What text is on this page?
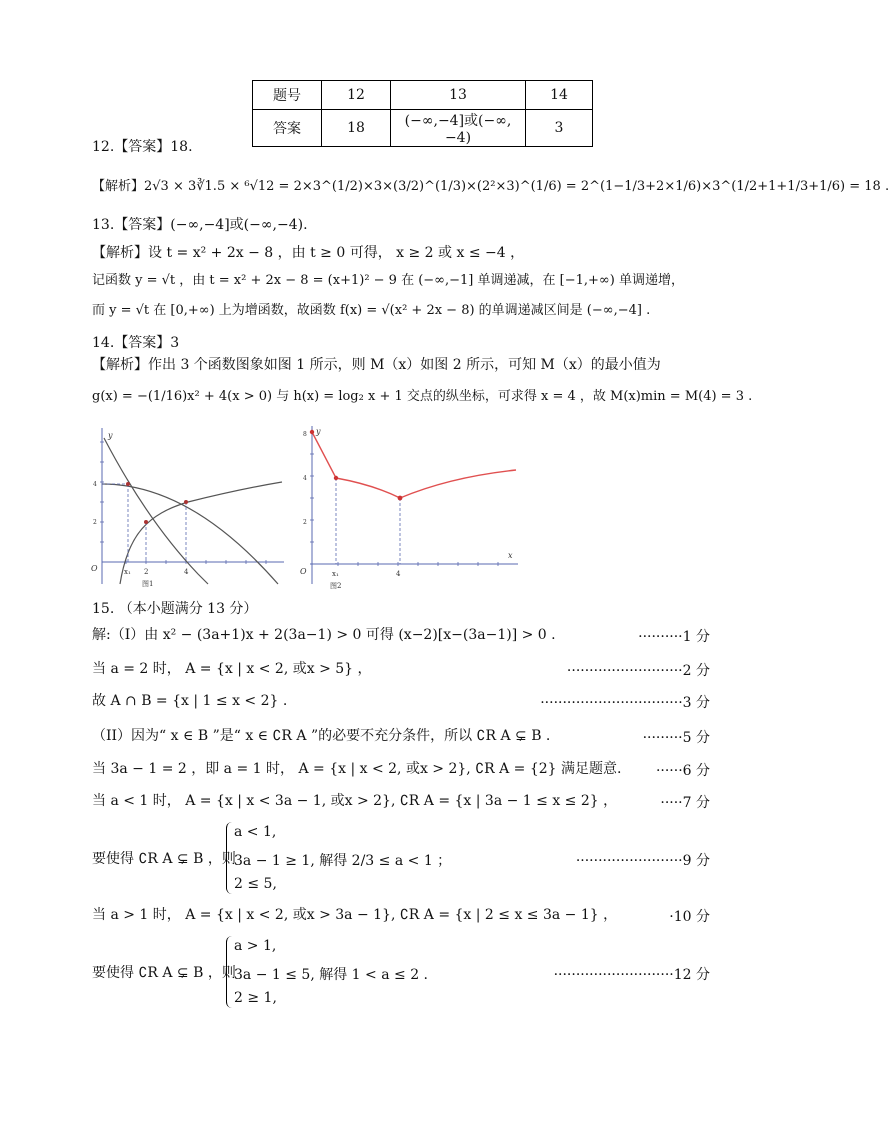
题号	12	13	14
答案	18	(−∞,−4]或(−∞,−4)	3
12.【答案】18.
【解析】2√3 × 3∛1.5 × ⁶√12 = 2×3^(1/2)×3×(3/2)^(1/3)×(2²×3)^(1/6) = 2^(1−1/3+2×1/6)×3^(1/2+1+1/3+1/6) = 18 .
13.【答案】(−∞,−4]或(−∞,−4).
【解析】设 t = x² + 2x − 8 ，由 t ≥ 0 可得， x ≥ 2 或 x ≤ −4 ，
记函数 y = √t ，由 t = x² + 2x − 8 = (x+1)² − 9 在 (−∞,−1] 单调递减，在 [−1,+∞) 单调递增，
而 y = √t 在 [0,+∞) 上为增函数，故函数 f(x) = √(x² + 2x − 8) 的单调递减区间是 (−∞,−4] .
14.【答案】3
【解析】作出 3 个函数图象如图 1 所示，则 M（x）如图 2 所示，可知 M（x）的最小值为
g(x) = −(1/16)x² + 4(x > 0) 与 h(x) = log₂ x + 1 交点的纵坐标，可求得 x = 4 ，故 M(x)min = M(4) = 3 .
y
O	x₁ 2	4
4
2
图1
y
x
O	x₁	4
8
4
2
图2
15. （本小题满分 13 分）
解:（I）由 x² − (3a+1)x + 2(3a−1) > 0 可得 (x−2)[x−(3a−1)] > 0 .	··········1 分
当 a = 2 时， A = {x | x < 2, 或x > 5} ，	··························2 分
故 A ∩ B = {x | 1 ≤ x < 2} .	································3 分
（II）因为“ x ∈ B ”是“ x ∈ ∁R A ”的必要不充分条件，所以 ∁R A ⊊ B .	·········5 分
当 3a − 1 = 2 ，即 a = 1 时， A = {x | x < 2, 或x > 2}, ∁R A = {2} 满足题意. ······6 分
当 a < 1 时， A = {x | x < 3a − 1, 或x > 2}, ∁R A = {x | 3a − 1 ≤ x ≤ 2} ，	·····7 分
要使得 ∁R A ⊊ B ，则
a < 1,
3a − 1 ≥ 1, 解得 2/3 ≤ a < 1 ；
2 ≤ 5,
························9 分
当 a > 1 时， A = {x | x < 2, 或x > 3a − 1}, ∁R A = {x | 2 ≤ x ≤ 3a − 1} ，	·10 分
要使得 ∁R A ⊊ B ，则
a > 1,
3a − 1 ≤ 5, 解得 1 < a ≤ 2 .
2 ≥ 1,
···························12 分
